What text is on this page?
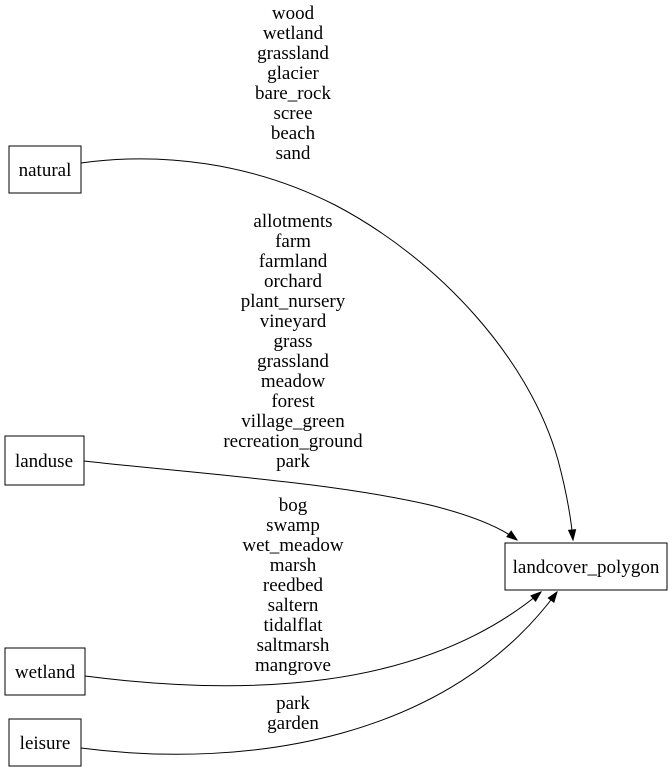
natural
landuse
wetland
leisure
landcover_polygon
wood
wetland
grassland
glacier
bare_rock
scree
beach
sand
allotments
farm
farmland
orchard
plant_nursery
vineyard
grass
grassland
meadow
forest
village_green
recreation_ground
park
bog
swamp
wet_meadow
marsh
reedbed
saltern
tidalflat
saltmarsh
mangrove
park
garden
